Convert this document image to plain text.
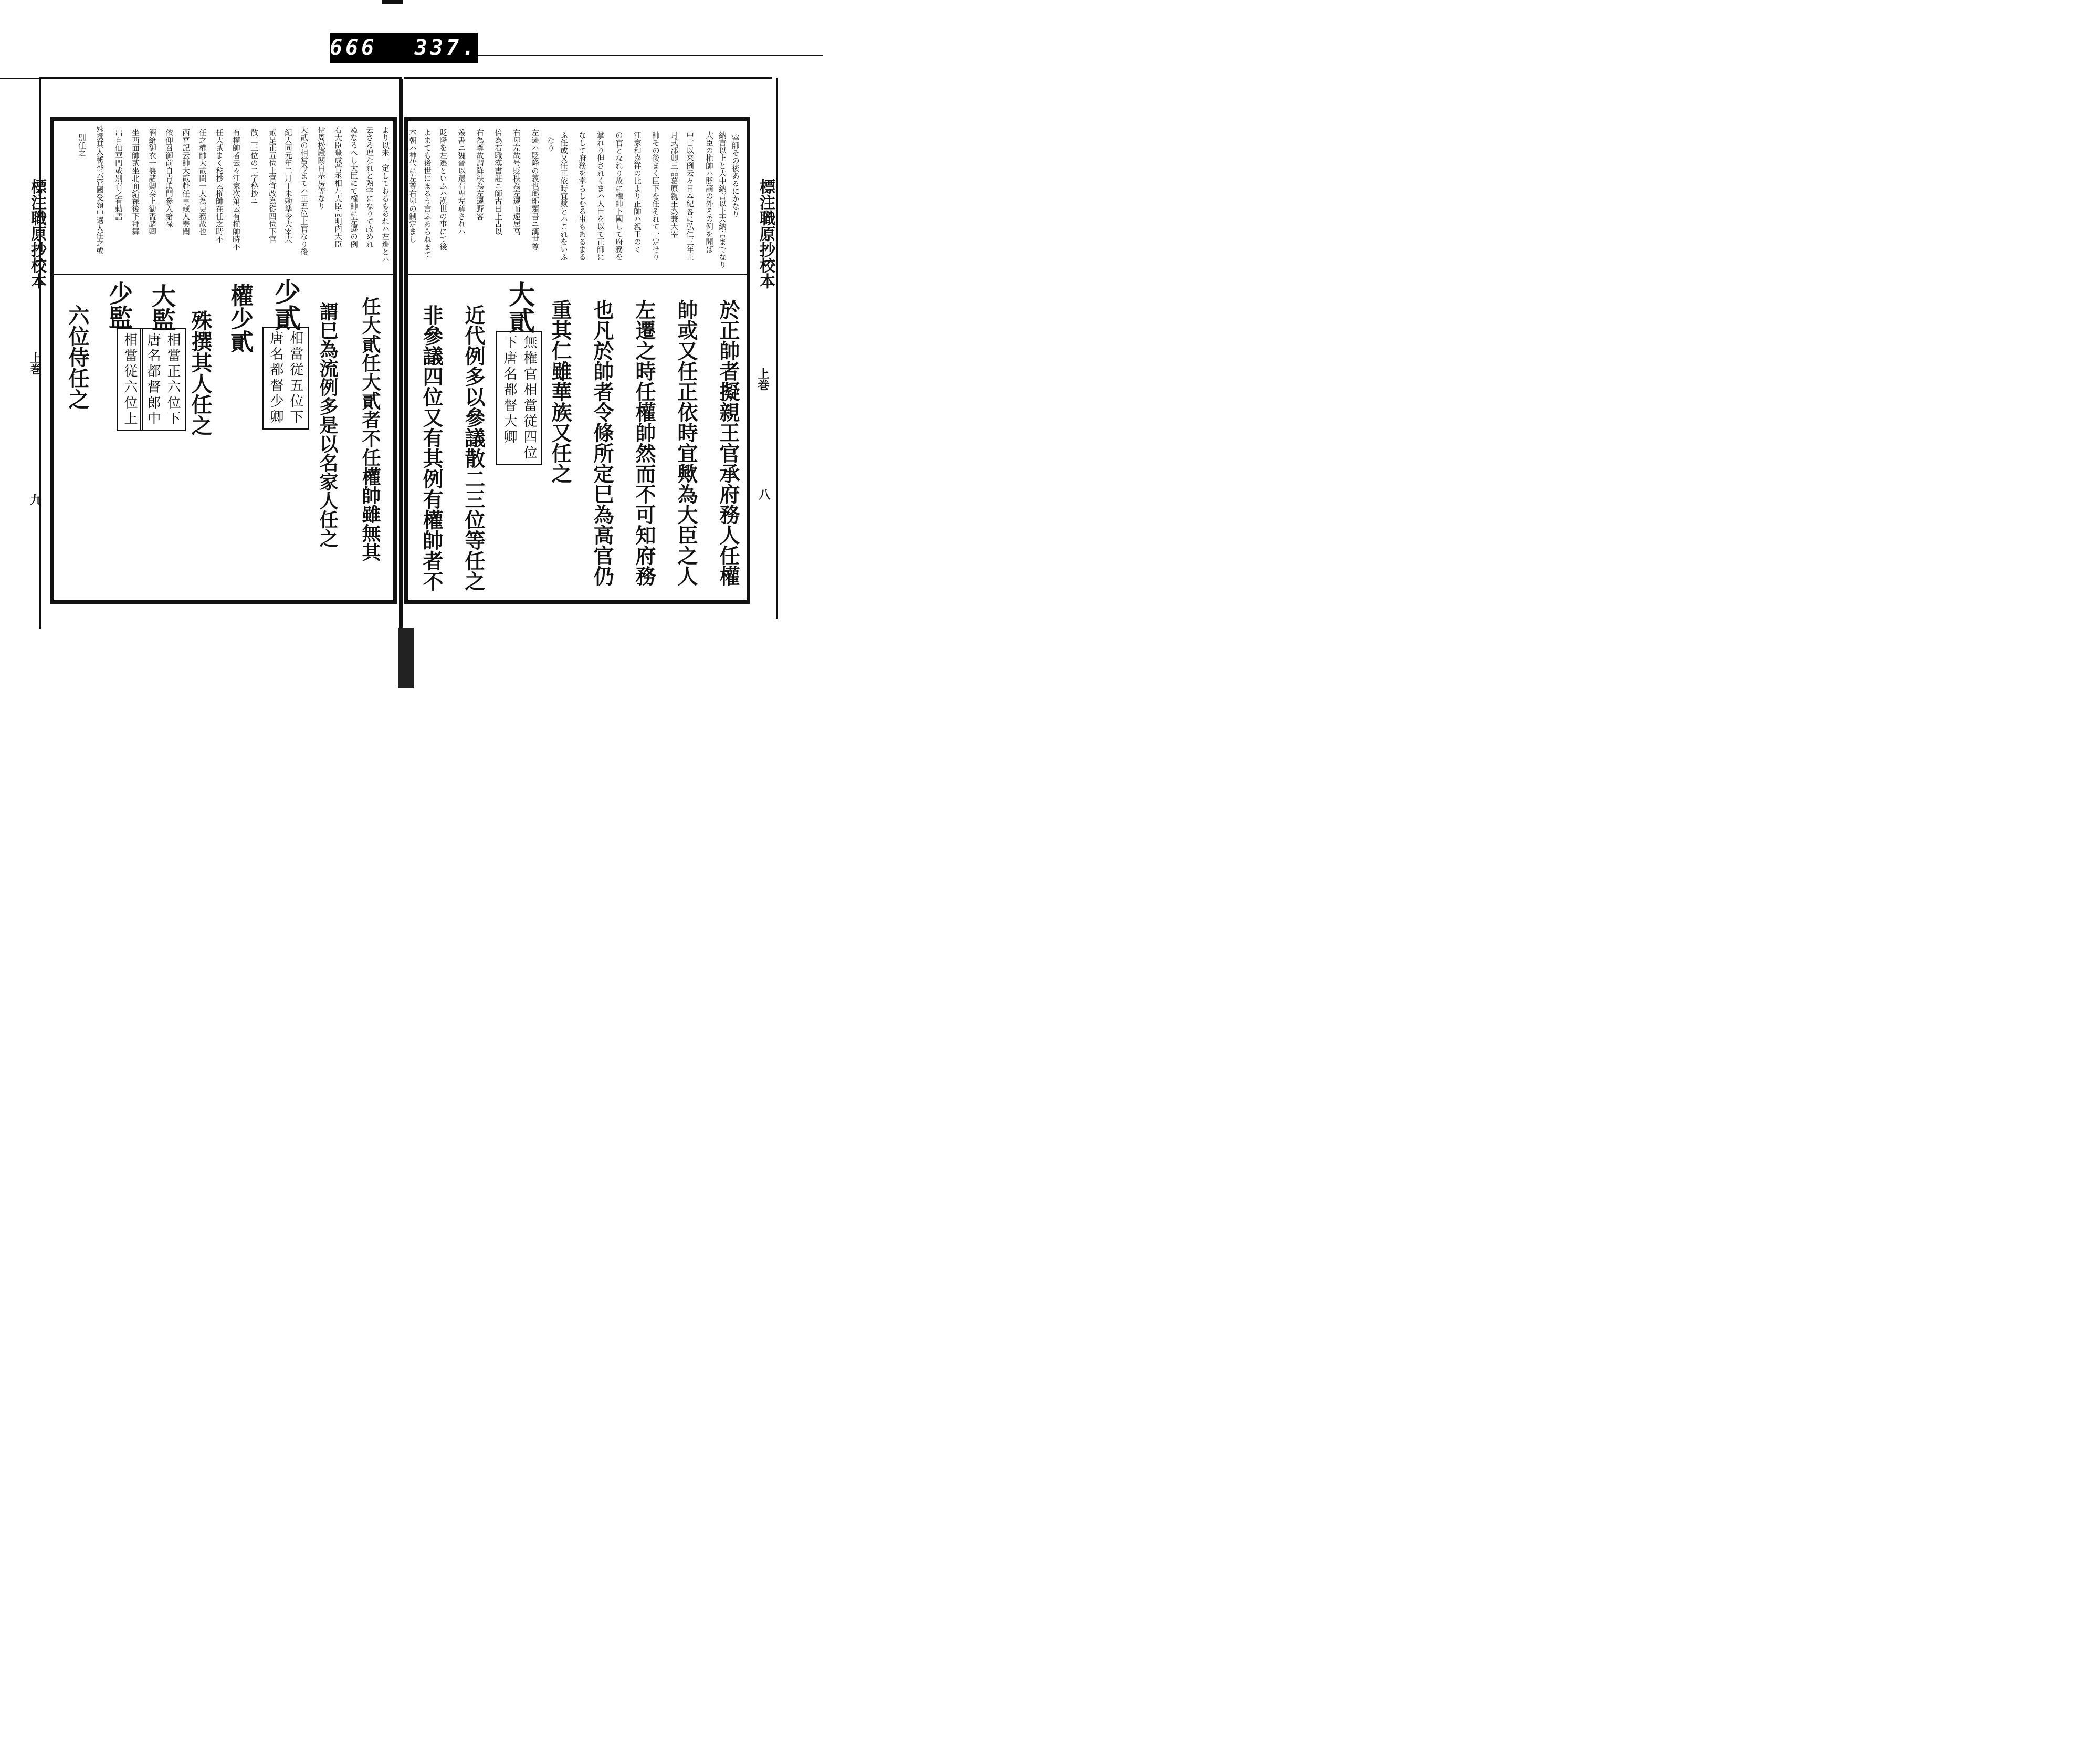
666 337.
標注職原抄校本
上巻
八
標注職原抄校本
上巻
九
宰師その後あるにかなり
納言以上と大中納言以上大納言までなり
大臣の権帥ハ貶謫の外その例を聞ば
中古以来例云々日本紀畧に弘仁三年正
月式部卿三品葛原親王為兼大宰
帥その後まく臣下を任それて一定せり
江家和嘉祥の比より正帥ハ親王のミ
の官となれり故に権帥下國して府務を
掌れり但されくまハ人臣を以て正師に
なして府務を掌らしむる事もあるまる
ふ任或又任正依時宜歟とハこれをいふ
なり
左遷ハ貶降の義也瑯琊類書ニ漢世尊
右卑左故号貶秩為左遷而遠居高
倍為右職漢書註ニ師古曰上古以
右為尊故謂降秩為左遷野客
叢書ニ魏晉以還右卑左尊されハ
貶降を左遷といふハ漢世の事にて後
よまても後世にまるう言ふあらねまて
本朝ハ神代に左尊右卑の制定まし
於正帥者擬親王官承府務人任權
帥或又任正依時宜歟為大臣之人
左遷之時任權帥然而不可知府務
也凡於帥者令條所定巳為高官仍
重其仁雖華族又任之
大貳
無権官相當従四位
下唐名都督大卿
近代例多以參議散二三位等任之
非參議四位又有其例有權帥者不
より以来一定しておるもあれハ左遷とハ
云さる理なれと熟字になりて改めれ
ぬなるへし大臣にて権帥に左遷の例
右大臣豊成菅丞相左大臣高明内大臣
伊周松殿關白基房等なり
大貳の相當今まてハ正五位上官なり後
紀大同元年二月丁未勅準令大宰大
貳是正五位上官宜改為從四位下官
散二三位の二字秘抄ニ
有權帥者云々江家次第云有權帥時不
任大貳まく秘抄云権帥在任之時不
任之權帥大貳間一人為吏務故也
西宮記云帥大貳赴任事藏人奏聞
依仰召御前自青瑣門參入給禄
酒給御衣一襲諸卿奏上勧盃諸卿
坐西面帥貳坐北面給禄後下拜舞
出自仙華門或別召之有勅語
殊撰其人秘抄云管國受領中選人任之或
別任之
任大貳任大貳者不任權帥雖無其
謂巳為流例多是以名家人任之
少貳
相當従五位下
唐名都督少卿
權少貳
殊撰其人任之
大監
相當正六位下
唐名都督郎中
少監
相當従六位上
六位侍任之
